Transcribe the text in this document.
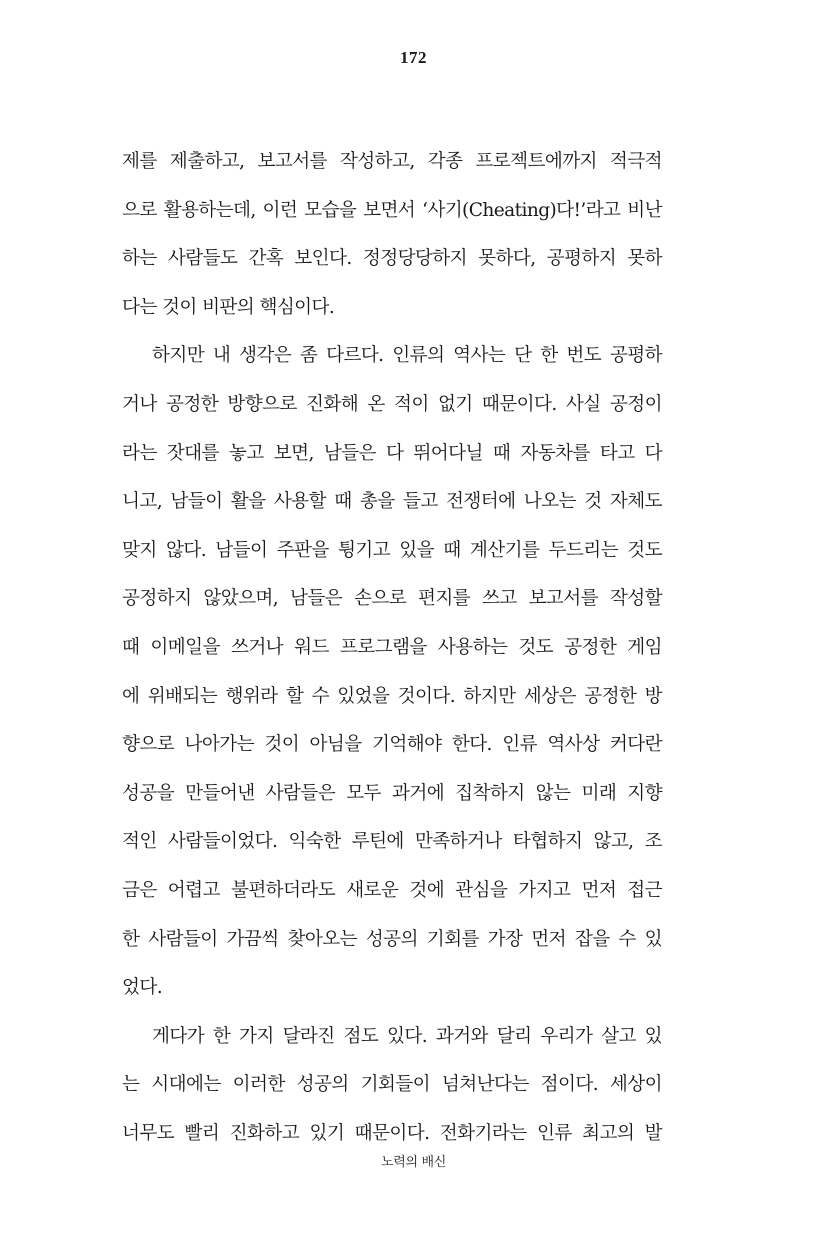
172
제를 제출하고, 보고서를 작성하고, 각종 프로젝트에까지 적극적
으로 활용하는데, 이런 모습을 보면서 ‘사기(Cheating)다!’라고 비난
하는 사람들도 간혹 보인다. 정정당당하지 못하다, 공평하지 못하
다는 것이 비판의 핵심이다.
하지만 내 생각은 좀 다르다. 인류의 역사는 단 한 번도 공평하
거나 공정한 방향으로 진화해 온 적이 없기 때문이다. 사실 공정이
라는 잣대를 놓고 보면, 남들은 다 뛰어다닐 때 자동차를 타고 다
니고, 남들이 활을 사용할 때 총을 들고 전쟁터에 나오는 것 자체도
맞지 않다. 남들이 주판을 튕기고 있을 때 계산기를 두드리는 것도
공정하지 않았으며, 남들은 손으로 편지를 쓰고 보고서를 작성할
때 이메일을 쓰거나 워드 프로그램을 사용하는 것도 공정한 게임
에 위배되는 행위라 할 수 있었을 것이다. 하지만 세상은 공정한 방
향으로 나아가는 것이 아님을 기억해야 한다. 인류 역사상 커다란
성공을 만들어낸 사람들은 모두 과거에 집착하지 않는 미래 지향
적인 사람들이었다. 익숙한 루틴에 만족하거나 타협하지 않고, 조
금은 어렵고 불편하더라도 새로운 것에 관심을 가지고 먼저 접근
한 사람들이 가끔씩 찾아오는 성공의 기회를 가장 먼저 잡을 수 있
었다.
게다가 한 가지 달라진 점도 있다. 과거와 달리 우리가 살고 있
는 시대에는 이러한 성공의 기회들이 넘쳐난다는 점이다. 세상이
너무도 빨리 진화하고 있기 때문이다. 전화기라는 인류 최고의 발
노력의 배신
